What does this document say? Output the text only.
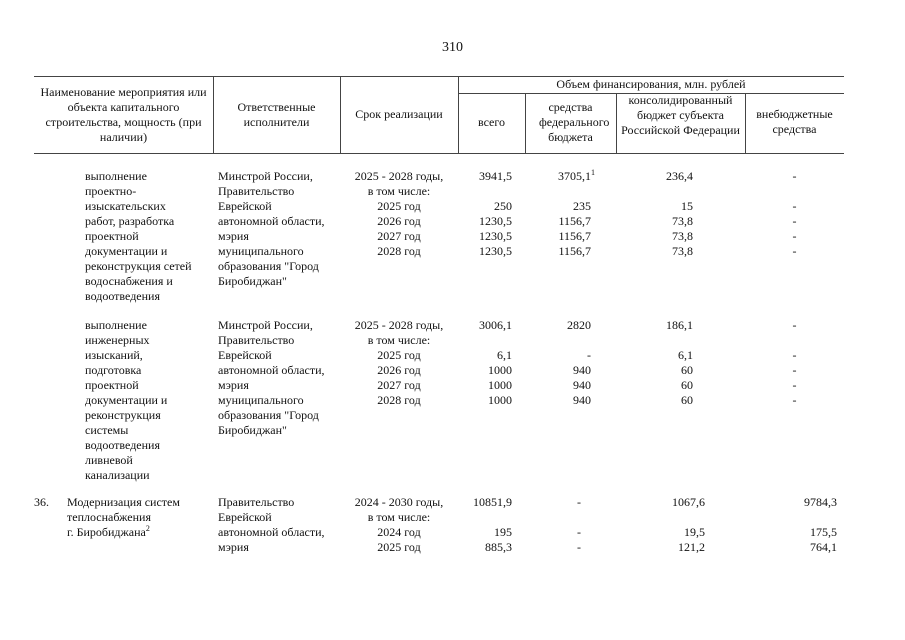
310
Наименование мероприятия или объекта капитального строительства, мощность (при наличии)
Ответственные исполнители
Срок реализации
Объем финансирования, млн. рублей
всего
средства федерального бюджета
консолидированный бюджет субъекта Российской Федерации
внебюджетные средства
выполнение
проектно-
изыскательских
работ, разработка
проектной
документации и
реконструкция сетей
водоснабжения и
водоотведения
Минстрой России,
Правительство
Еврейской
автономной области,
мэрия
муниципального
образования "Город
Биробиджан"
2025 - 2028 годы,
в том числе:
2025 год
2026 год
2027 год
2028 год
3941,5
250
1230,5
1230,5
1230,5
3705,1$^1$
235
1156,7
1156,7
1156,7
236,4
15
73,8
73,8
73,8
-
-
-
-
-
выполнение
инженерных
изысканий,
подготовка
проектной
документации и
реконструкция
системы
водоотведения
ливневой
канализации
Минстрой России,
Правительство
Еврейской
автономной области,
мэрия
муниципального
образования "Город
Биробиджан"
2025 - 2028 годы,
в том числе:
2025 год
2026 год
2027 год
2028 год
3006,1
6,1
1000
1000
1000
2820
-
940
940
940
186,1
6,1
60
60
60
-
-
-
-
-
36.	Модернизация систем
теплоснабжения
г. Биробиджана$^2$
Правительство
Еврейской
автономной области,
мэрия
2024 - 2030 годы,
в том числе:
2024 год
2025 год
10851,9
195
885,3
-
-
-
1067,6
19,5
121,2
9784,3
175,5
764,1
